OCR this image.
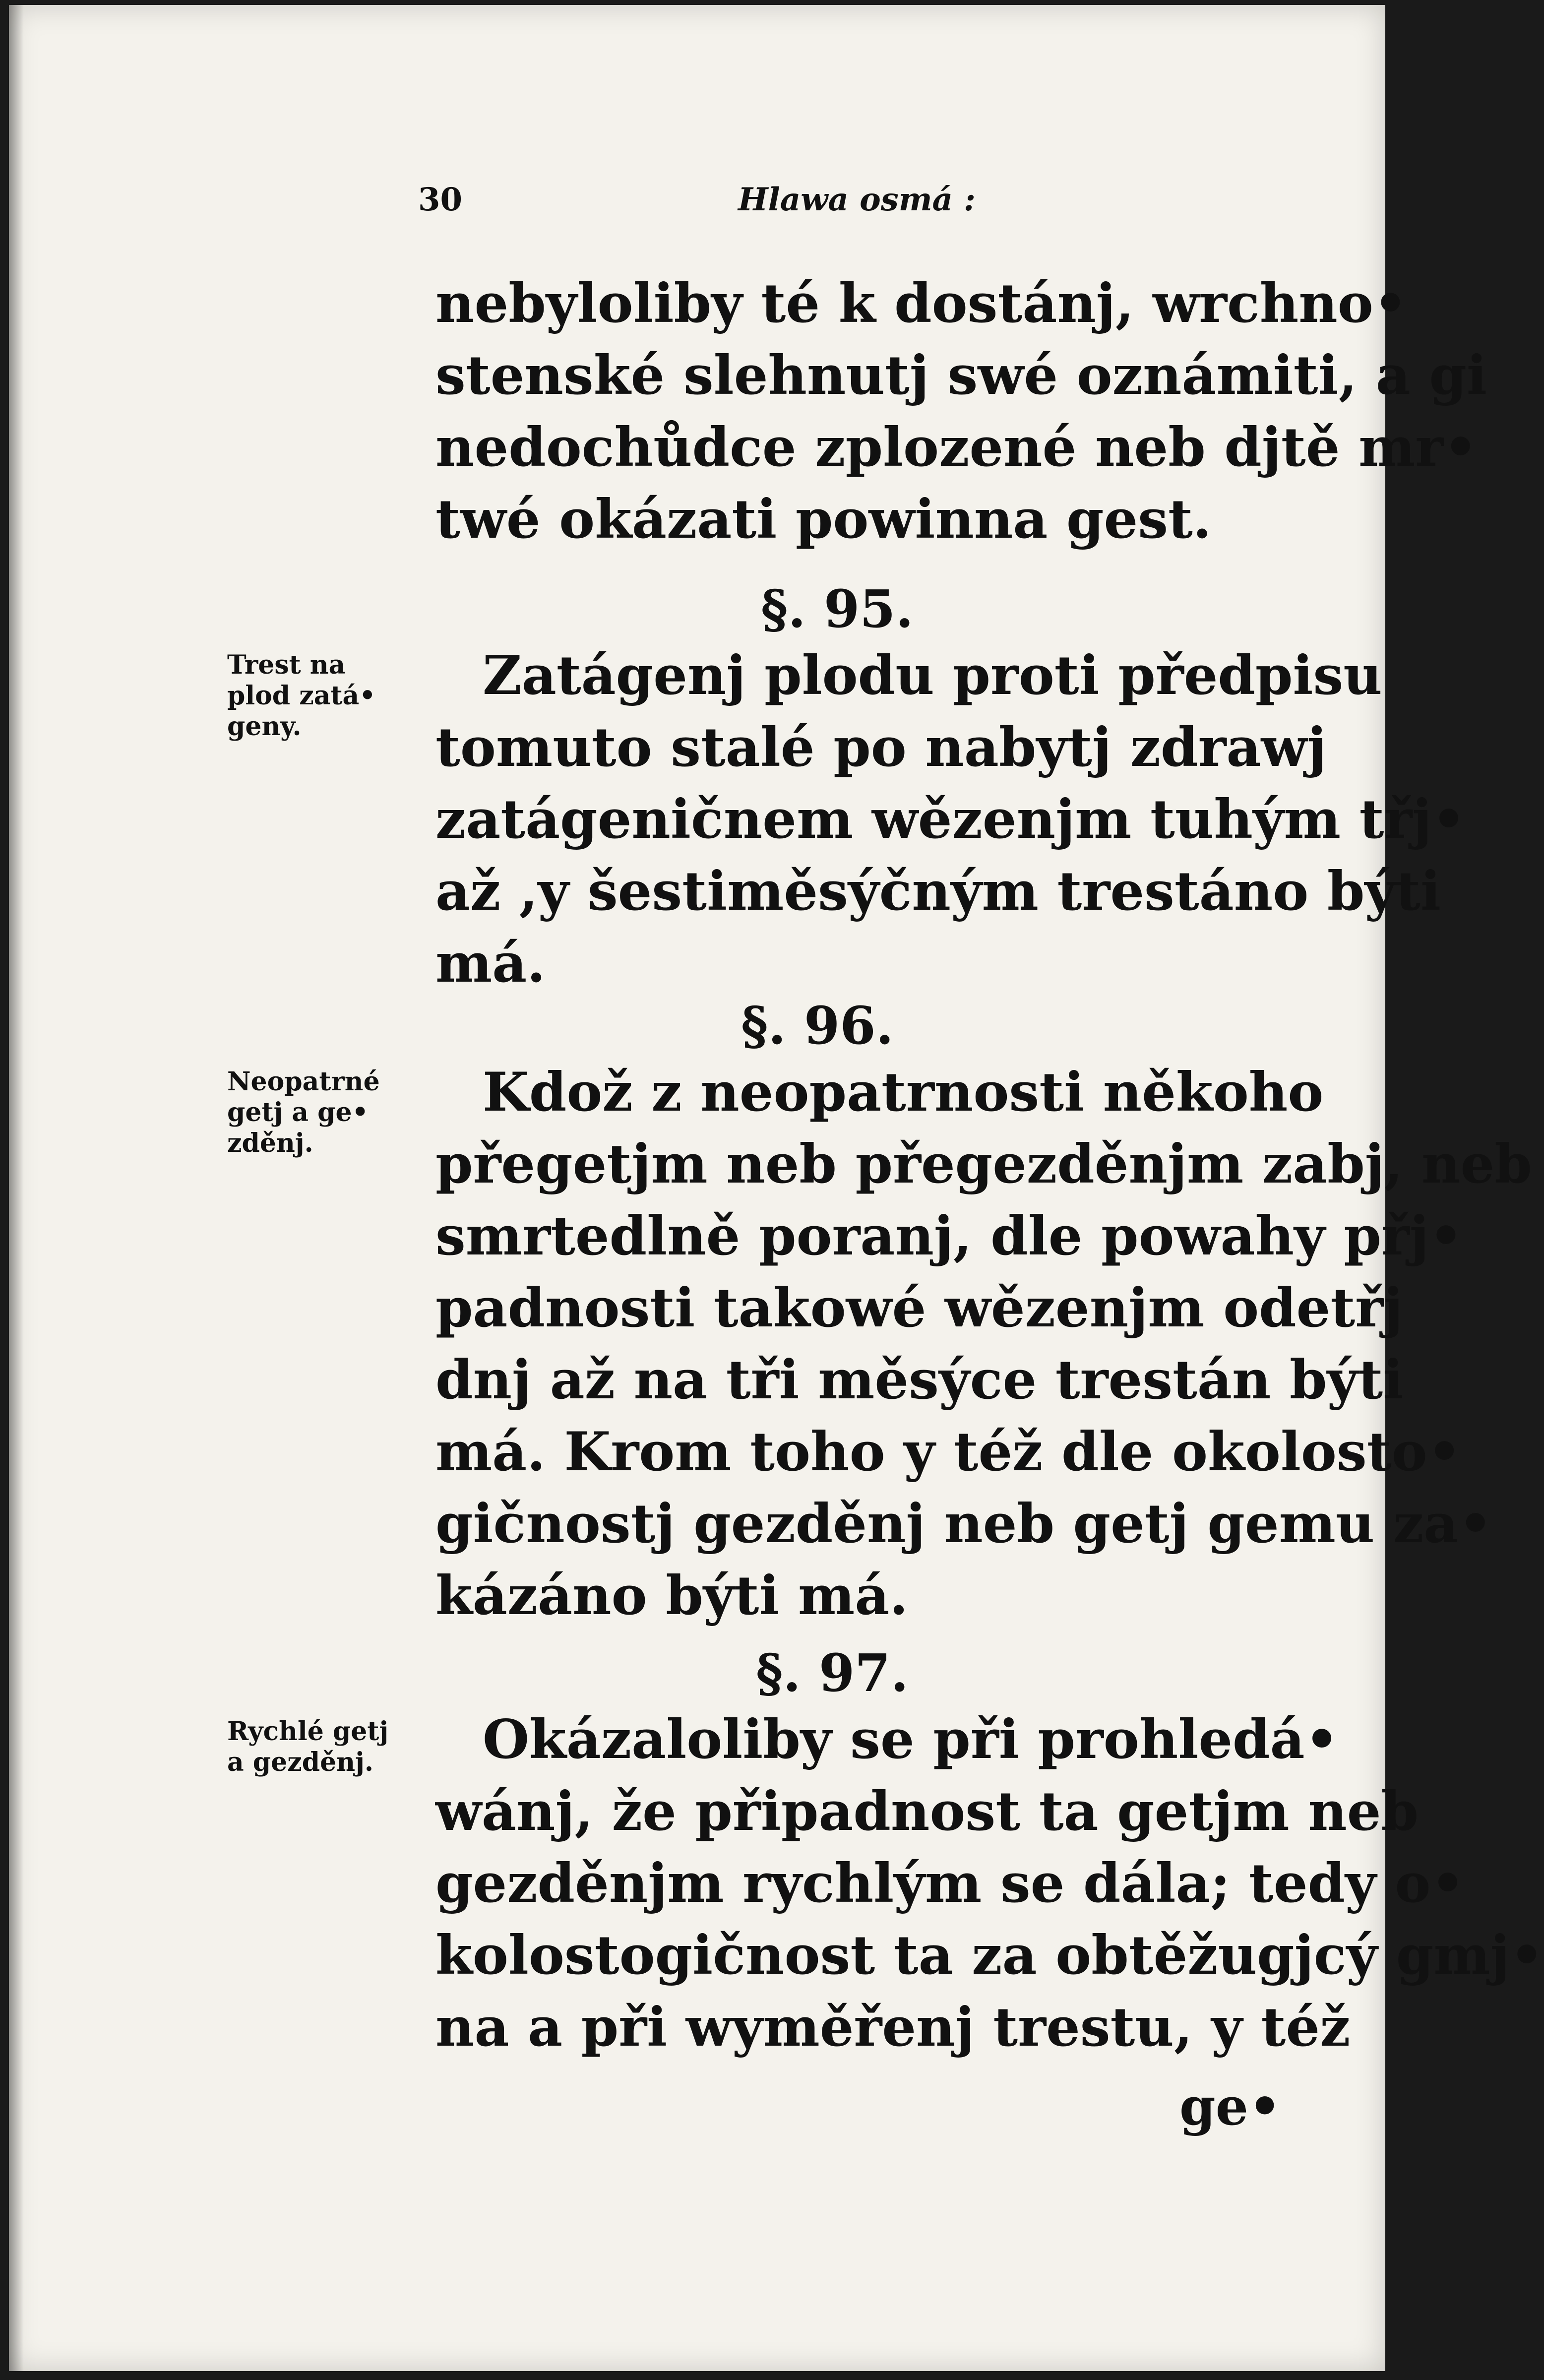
30	Hlawa osmá :
nebyloliby té k dostánj, wrchno•
stenské slehnutj swé oznámiti, a gi
nedochůdce zplozené neb djtě mr•
twé okázati powinna gest.
§. 95.
Trest na
plod zatá•
geny.
Zatágenj plodu proti předpisu
tomuto stalé po nabytj zdrawj
zatágeničnem wězenjm tuhým třj•
až ,y šestiměsýčným trestáno býti
má.
§. 96.
Neopatrné
getj a ge•
zděnj.
Kdož z neopatrnosti někoho
přegetjm neb přegezděnjm zabj, neb
smrtedlně poranj, dle powahy přj•
padnosti takowé wězenjm odetřj
dnj až na tři měsýce trestán býti
má. Krom toho y též dle okolosto•
gičnostj gezděnj neb getj gemu za•
kázáno býti má.
§. 97.
Rychlé getj
a gezděnj.	Okázaloliby se při prohledá•
wánj, že připadnost ta getjm neb
gezděnjm rychlým se dála; tedy o•
kolostogičnost ta za obtěžugjcý gmj•
na a při wyměřenj trestu, y též
ge•
